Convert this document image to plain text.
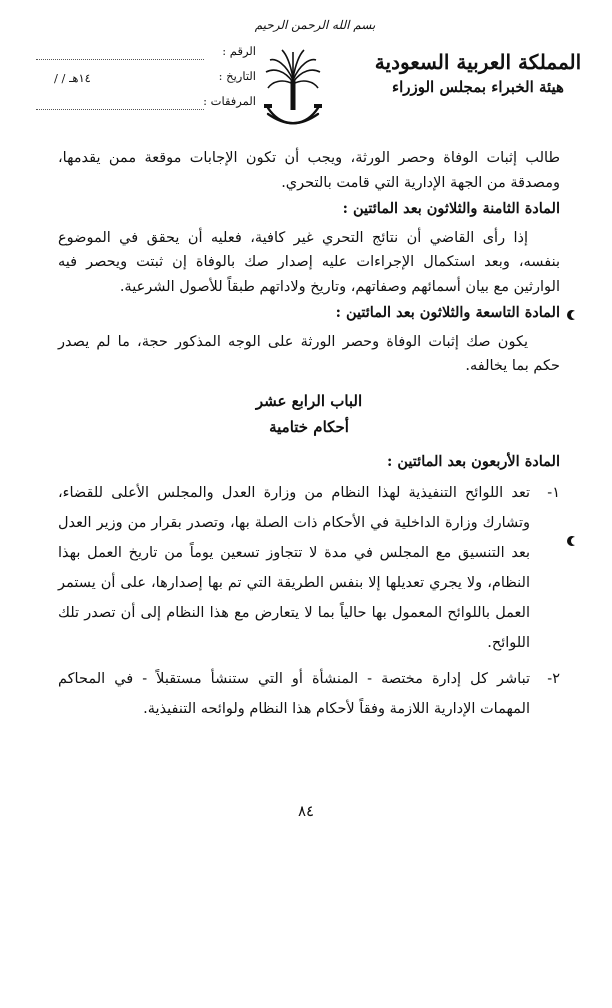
بسم الله الرحمن الرحيم
الرقم :
التاريخ :
/ / ١٤هـ
المرفقات :
المملكة العربية السعودية
هيئة الخبراء بمجلس الوزراء

طالب إثبات الوفاة وحصر الورثة، ويجب أن تكون الإجابات موقعة ممن يقدمها، ومصدقة من الجهة الإدارية التي قامت بالتحري.

المادة الثامنة والثلاثون بعد المائتين :

إذا رأى القاضي أن نتائج التحري غير كافية، فعليه أن يحقق في الموضوع بنفسه، وبعد استكمال الإجراءات عليه إصدار صك بالوفاة إن ثبتت ويحصر فيه الوارثين مع بيان أسمائهم وصفاتهم، وتاريخ ولاداتهم طبقاً للأصول الشرعية.

المادة التاسعة والثلاثون بعد المائتين :

يكون صك إثبات الوفاة وحصر الورثة على الوجه المذكور حجة، ما لم يصدر حكم بما يخالفه.

الباب الرابع عشر

أحكام ختامية

المادة الأربعون بعد المائتين :

١-

تعد اللوائح التنفيذية لهذا النظام من وزارة العدل والمجلس الأعلى للقضاء، وتشارك وزارة الداخلية في الأحكام ذات الصلة بها، وتصدر بقرار من وزير العدل بعد التنسيق مع المجلس في مدة لا تتجاوز تسعين يوماً من تاريخ العمل بهذا النظام، ولا يجري تعديلها إلا بنفس الطريقة التي تم بها إصدارها، على أن يستمر العمل باللوائح المعمول بها حالياً بما لا يتعارض مع هذا النظام إلى أن تصدر تلك اللوائح.

٢-

تباشر كل إدارة مختصة - المنشأة أو التي ستنشأ مستقبلاً - في المحاكم المهمات الإدارية اللازمة وفقاً لأحكام هذا النظام ولوائحه التنفيذية.

٨٤
